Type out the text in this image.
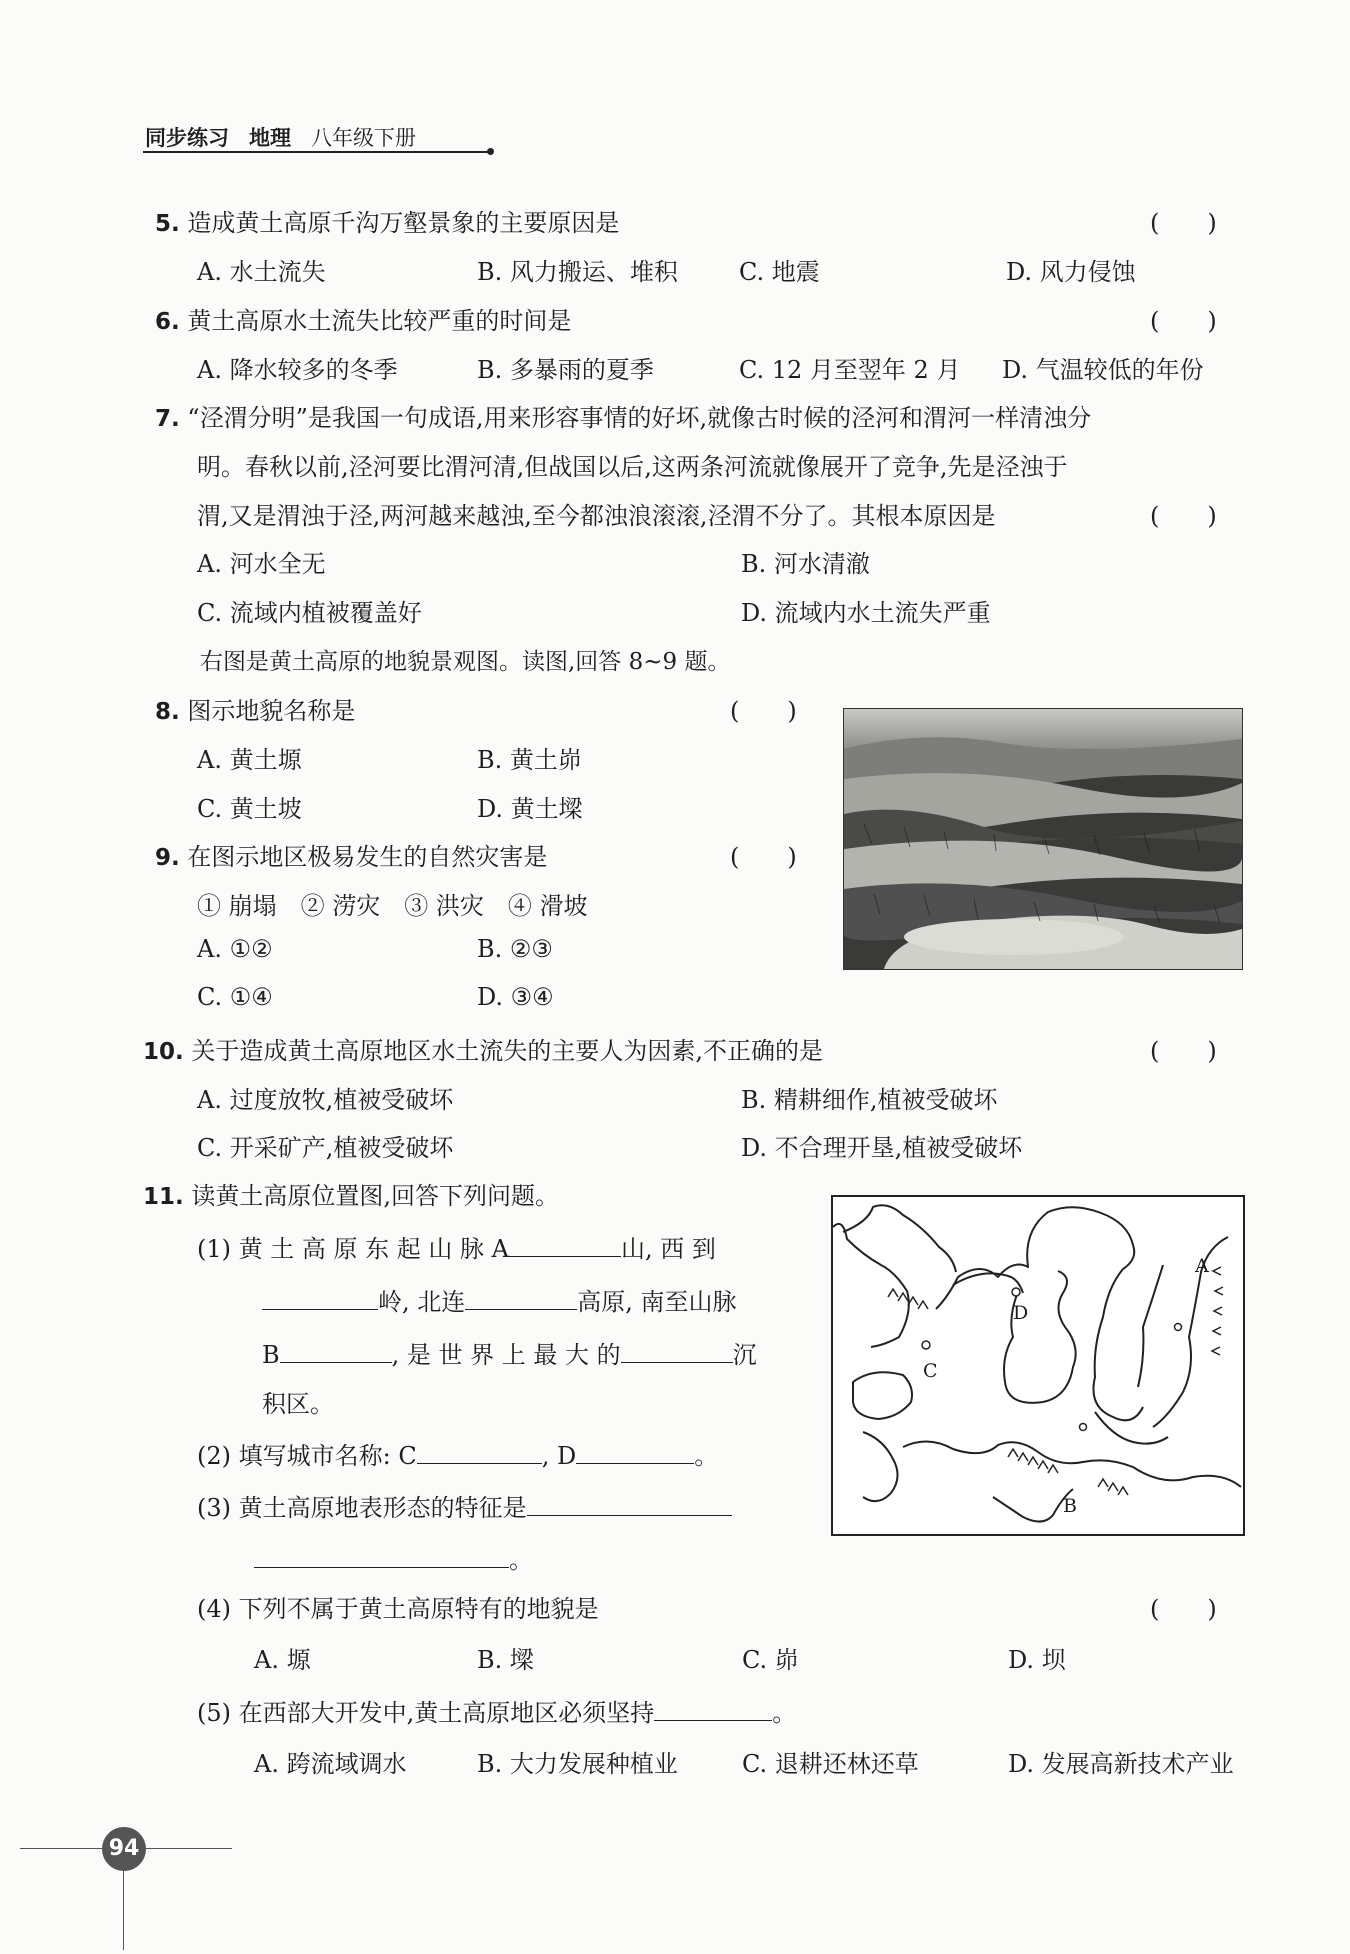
同步练习 地理 八年级下册
5. 造成黄土高原千沟万壑景象的主要原因是	(　　)
A. 水土流失	B. 风力搬运、堆积	C. 地震	D. 风力侵蚀
6. 黄土高原水土流失比较严重的时间是	(　　)
A. 降水较多的冬季	B. 多暴雨的夏季	C. 12 月至翌年 2 月 D. 气温较低的年份
7. “泾渭分明”是我国一句成语,用来形容事情的好坏,就像古时候的泾河和渭河一样清浊分
明。春秋以前,泾河要比渭河清,但战国以后,这两条河流就像展开了竞争,先是泾浊于
渭,又是渭浊于泾,两河越来越浊,至今都浊浪滚滚,泾渭不分了。其根本原因是	(　　)
A. 河水全无	B. 河水清澈
C. 流域内植被覆盖好	D. 流域内水土流失严重
右图是黄土高原的地貌景观图。读图,回答 8~9 题。
8. 图示地貌名称是	(　　)
A. 黄土塬	B. 黄土峁
C. 黄土坡	D. 黄土墚
9. 在图示地区极易发生的自然灾害是	(　　)
① 崩塌　② 涝灾　③ 洪灾　④ 滑坡
A. ①②	B. ②③
C. ①④	D. ③④
10. 关于造成黄土高原地区水土流失的主要人为因素,不正确的是	(　　)
A. 过度放牧,植被受破坏	B. 精耕细作,植被受破坏
C. 开采矿产,植被受破坏	D. 不合理开垦,植被受破坏
11. 读黄土高原位置图,回答下列问题。
(1) 黄 土 高 原 东 起 山 脉 A	山, 西 到
岭, 北连	高原, 南至山脉
B	, 是 世 界 上 最 大 的	沉
积区。
(2) 填写城市名称: C	, D	。
(3) 黄土高原地表形态的特征是
。
A
B
C
D
(4) 下列不属于黄土高原特有的地貌是	(　　)
A. 塬	B. 墚	C. 峁	D. 坝
(5) 在西部大开发中,黄土高原地区必须坚持	。
A. 跨流域调水	B. 大力发展种植业	C. 退耕还林还草	D. 发展高新技术产业
94
